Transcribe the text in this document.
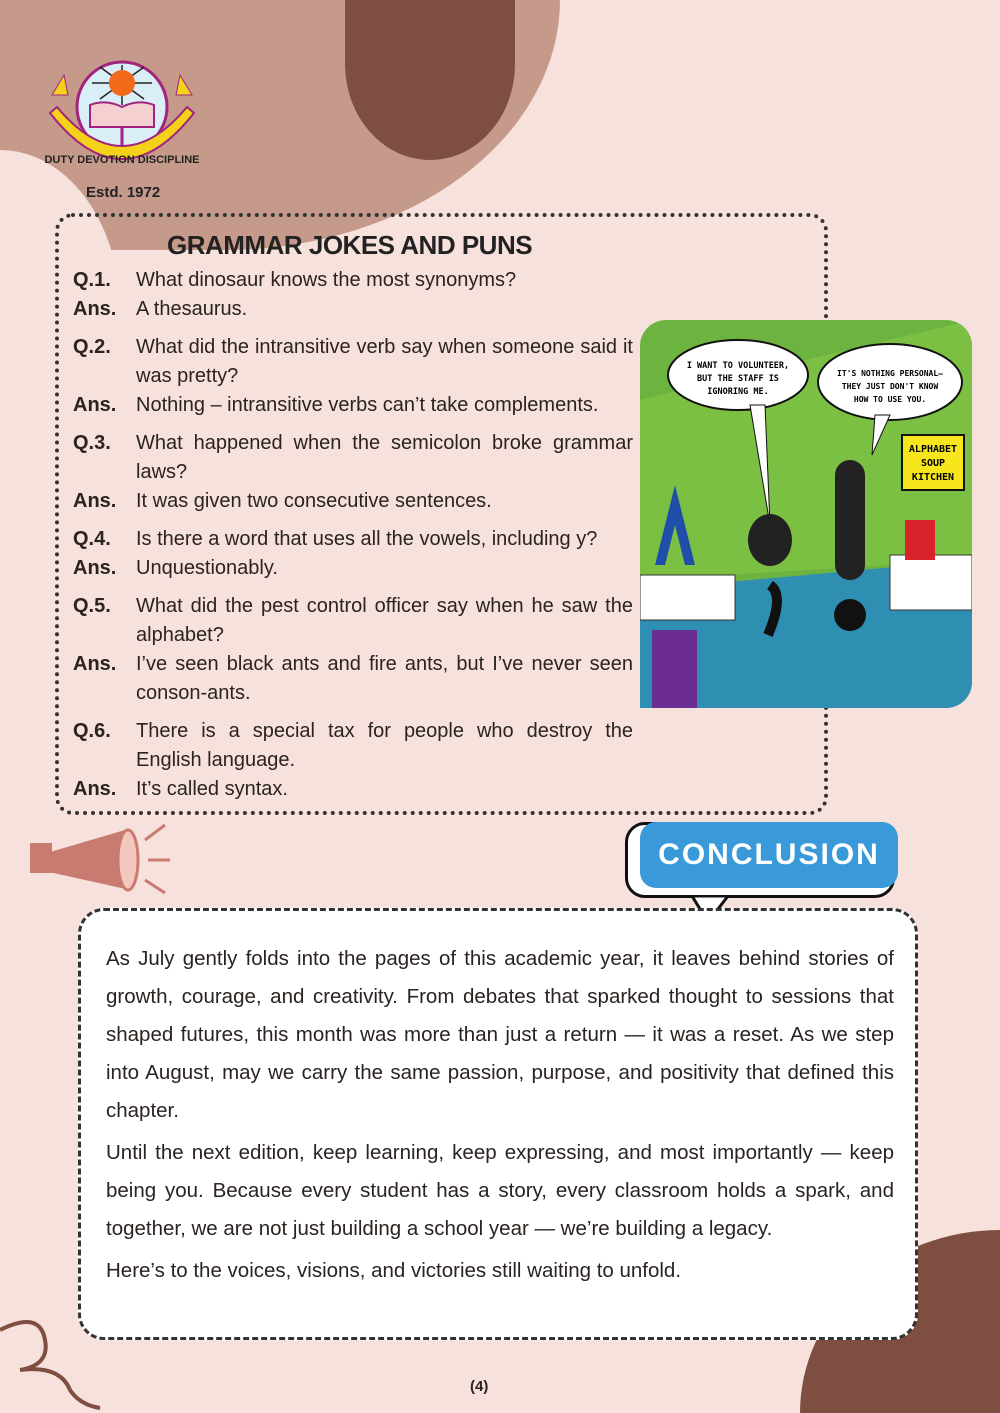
DUTY DEVOTION DISCIPLINE
Estd. 1972
GRAMMAR JOKES AND PUNS
Q.1.	What dinosaur knows the most synonyms?
Ans. A thesaurus.
Q.2.	What did the intransitive verb say when someone said it was pretty?
Ans. Nothing – intransitive verbs can’t take complements.
Q.3.	What happened when the semicolon broke grammar laws?
Ans. It was given two consecutive sentences.
Q.4.	Is there a word that uses all the vowels, including y?
Ans. Unquestionably.
Q.5.	What did the pest control officer say when he saw the alphabet?
Ans. I’ve seen black ants and fire ants, but I’ve never seen conson-ants.
Q.6.	There is a special tax for people who destroy the English language.
Ans. It’s called syntax.
I WANT TO VOLUNTEER, BUT THE STAFF IS IGNORING ME.
IT'S NOTHING PERSONAL— THEY JUST DON'T KNOW HOW TO USE YOU.
ALPHABET SOUP KITCHEN
CONCLUSION

As July gently folds into the pages of this academic year, it leaves behind stories of growth, courage, and creativity. From debates that sparked thought to sessions that shaped futures, this month was more than just a return — it was a reset. As we step into August, may we carry the same passion, purpose, and positivity that defined this chapter.

Until the next edition, keep learning, keep expressing, and most importantly — keep being you. Because every student has a story, every classroom holds a spark, and together, we are not just building a school year — we’re building a legacy.

Here’s to the voices, visions, and victories still waiting to unfold.

(4)
